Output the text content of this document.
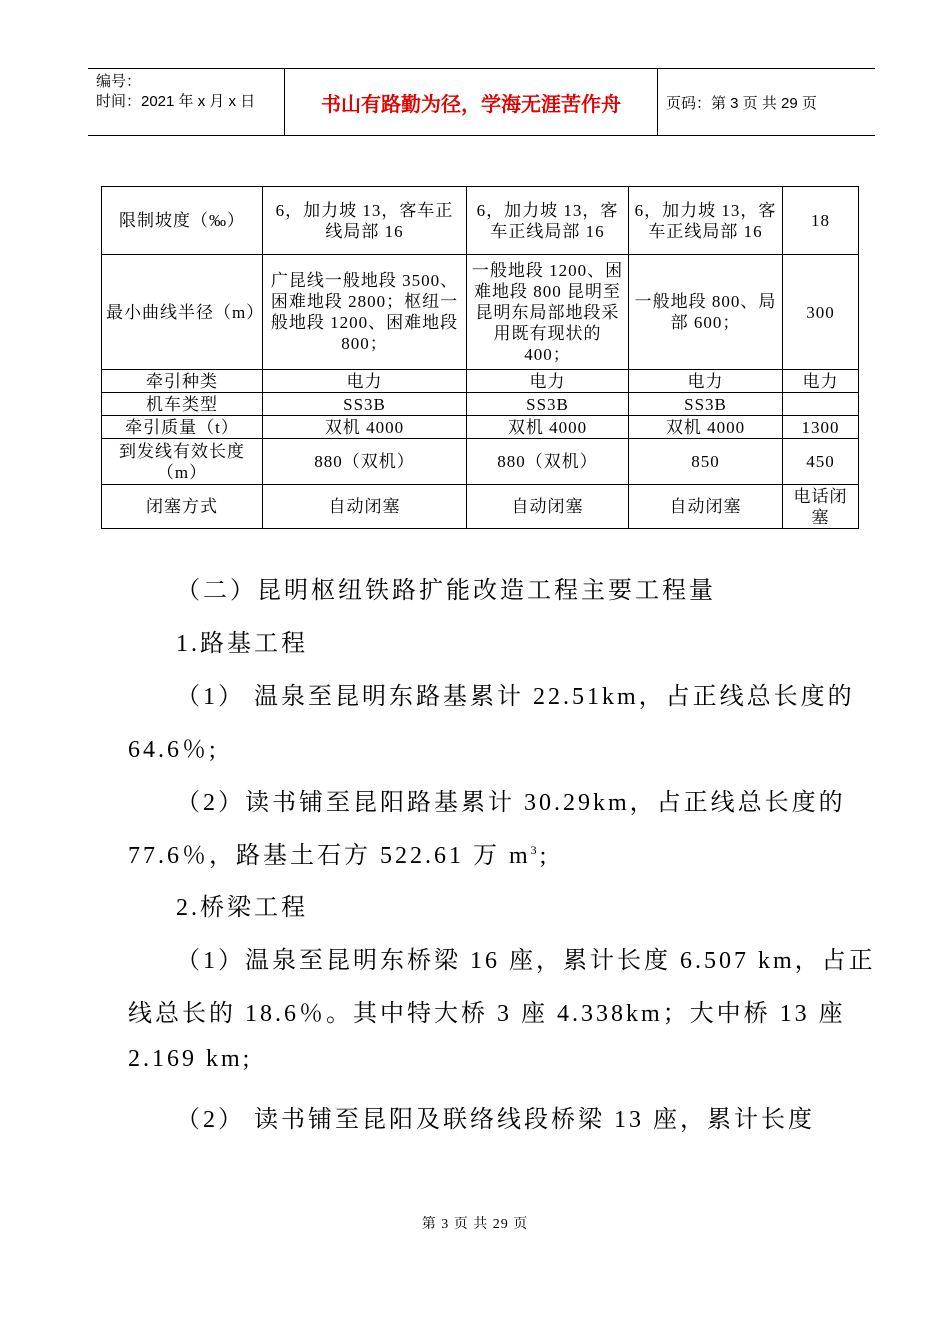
编号：
时间：2021 年 x 月 x 日	书山有路勤为径，学海无涯苦作舟	页码：第 3 页 共 29 页
限制坡度（‰）	6，加力坡 13，客车正线局部 16	6，加力坡 13，客车正线局部 16	6，加力坡 13，客车正线局部 16	18
最小曲线半径（m）	广昆线一般地段 3500、困难地段 2800；枢纽一般地段 1200、困难地段 800；	一般地段 1200、困难地段 800 昆明至昆明东局部地段采用既有现状的 400；	一般地段 800、局部 600；	300
牵引种类	电力	电力	电力	电力
机车类型	SS3B	SS3B	SS3B	
牵引质量（t）	双机 4000	双机 4000	双机 4000	1300
到发线有效长度（m）	880（双机）	880（双机）	850	450
闭塞方式	自动闭塞	自动闭塞	自动闭塞	电话闭塞
（二）昆明枢纽铁路扩能改造工程主要工程量
1.路基工程
（1） 温泉至昆明东路基累计 22.51km，占正线总长度的
64.6％;
（2）读书铺至昆阳路基累计 30.29km，占正线总长度的
77.6％，路基土石方 522.61 万 $m^3$;
2.桥梁工程
（1）温泉至昆明东桥梁 16 座，累计长度 6.507 km，占正
线总长的 18.6％。其中特大桥 3 座 4.338km；大中桥 13 座
2.169 km;
（2） 读书铺至昆阳及联络线段桥梁 13 座，累计长度
第 3 页 共 29 页
